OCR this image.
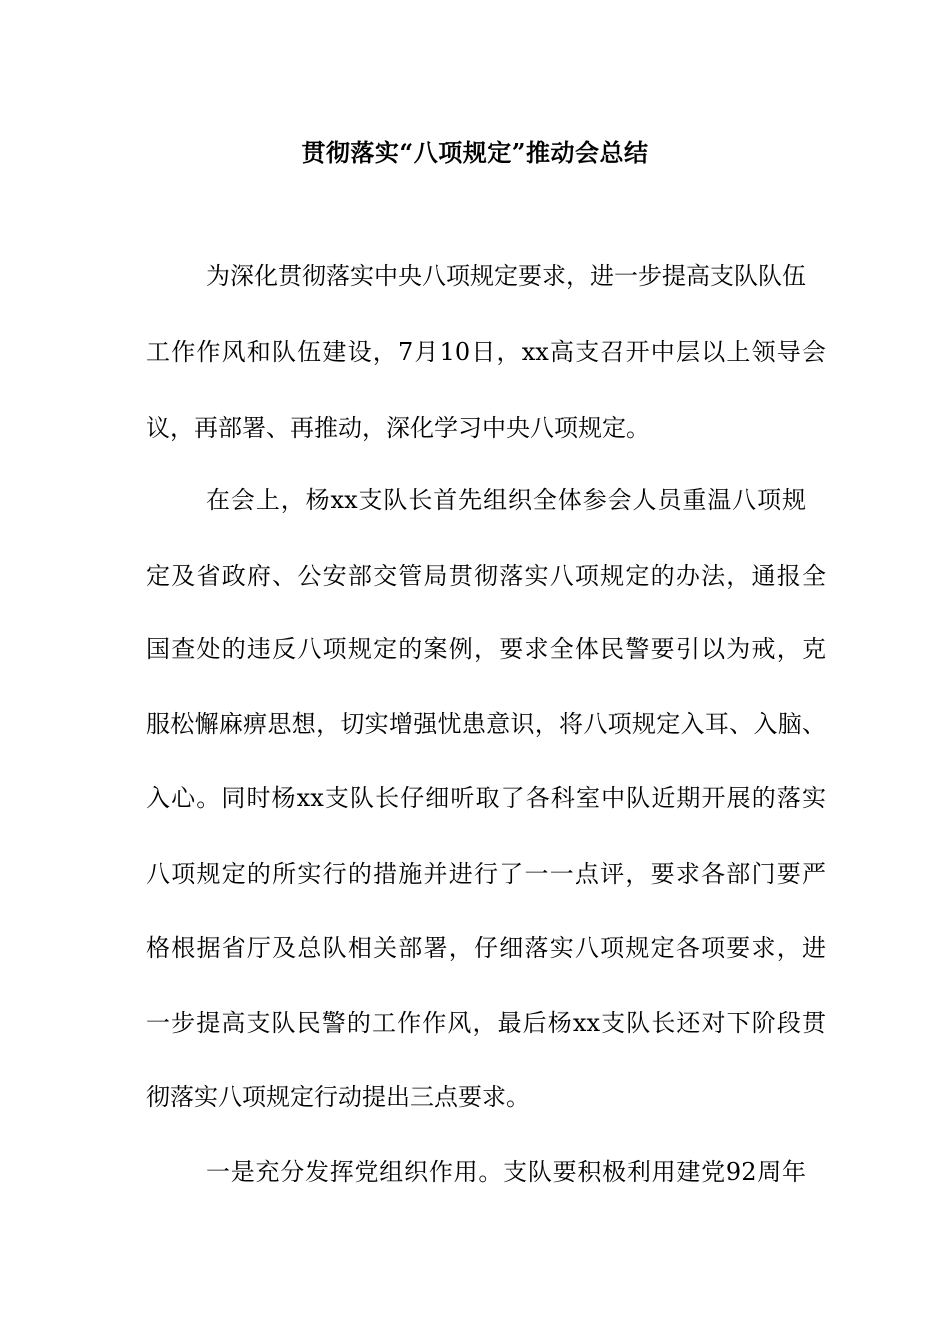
贯彻落实“八项规定”推动会总结
为深化贯彻落实中央八项规定要求，进一步提高支队队伍
工作作风和队伍建设，7月10日，xx高支召开中层以上领导会
议，再部署、再推动，深化学习中央八项规定。
在会上，杨xx支队长首先组织全体参会人员重温八项规
定及省政府、公安部交管局贯彻落实八项规定的办法，通报全
国查处的违反八项规定的案例，要求全体民警要引以为戒，克
服松懈麻痹思想，切实增强忧患意识，将八项规定入耳、入脑、
入心。同时杨xx支队长仔细听取了各科室中队近期开展的落实
八项规定的所实行的措施并进行了一一点评，要求各部门要严
格根据省厅及总队相关部署，仔细落实八项规定各项要求，进
一步提高支队民警的工作作风，最后杨xx支队长还对下阶段贯
彻落实八项规定行动提出三点要求。
一是充分发挥党组织作用。支队要积极利用建党92周年
